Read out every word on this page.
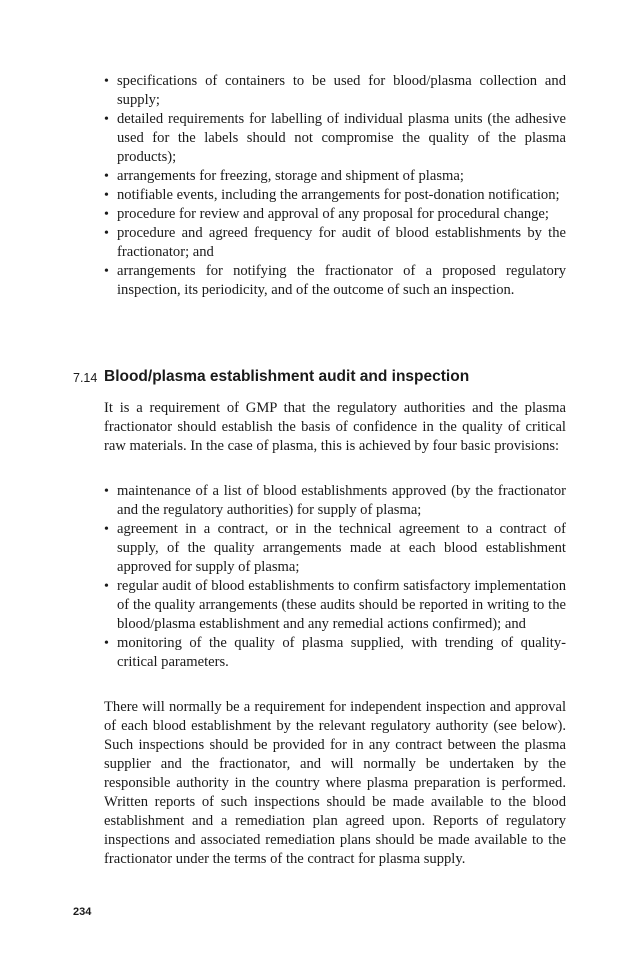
• specifications of containers to be used for blood/plasma collection and supply;
• detailed requirements for labelling of individual plasma units (the adhesive used for the labels should not compromise the quality of the plasma products);
• arrangements for freezing, storage and shipment of plasma;
• notifiable events, including the arrangements for post-donation notification;
• procedure for review and approval of any proposal for procedural change;
• procedure and agreed frequency for audit of blood establishments by the fractionator; and
• arrangements for notifying the fractionator of a proposed regulatory inspection, its periodicity, and of the outcome of such an inspection.
7.14 Blood/plasma establishment audit and inspection

It is a requirement of GMP that the regulatory authorities and the plasma fractionator should establish the basis of confidence in the quality of critical raw materials. In the case of plasma, this is achieved by four basic provisions:

• maintenance of a list of blood establishments approved (by the fractionator and the regulatory authorities) for supply of plasma;
• agreement in a contract, or in the technical agreement to a contract of supply, of the quality arrangements made at each blood establishment approved for supply of plasma;
• regular audit of blood establishments to confirm satisfactory implementation of the quality arrangements (these audits should be reported in writing to the blood/plasma establishment and any remedial actions confirmed); and
• monitoring of the quality of plasma supplied, with trending of quality-critical parameters.

There will normally be a requirement for independent inspection and approval of each blood establishment by the relevant regulatory authority (see below). Such inspections should be provided for in any contract between the plasma supplier and the fractionator, and will normally be undertaken by the responsible authority in the country where plasma preparation is performed. Written reports of such inspections should be made available to the blood establishment and a remediation plan agreed upon. Reports of regulatory inspections and associated remediation plans should be made available to the fractionator under the terms of the contract for plasma supply.

234
